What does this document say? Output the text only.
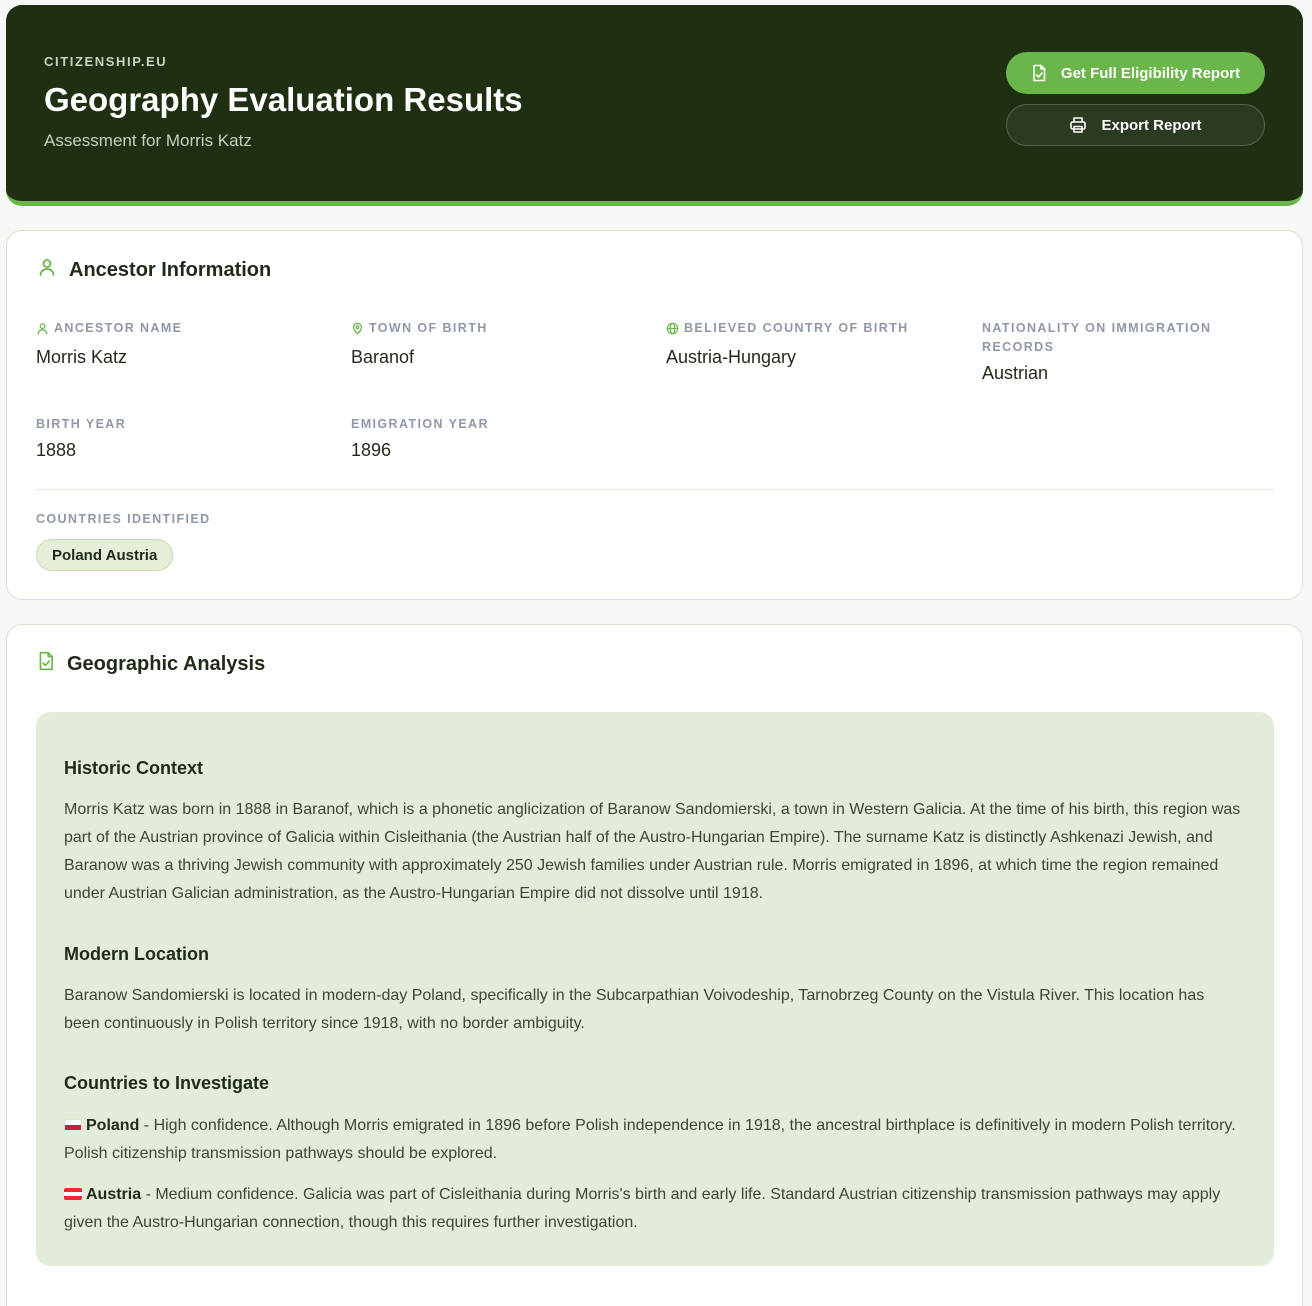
CITIZENSHIP.EU
Geography Evaluation Results
Assessment for Morris Katz
Get Full Eligibility Report
Export Report
Ancestor Information
ANCESTOR NAME
Morris Katz
TOWN OF BIRTH
Baranof
BELIEVED COUNTRY OF BIRTH
Austria-Hungary
NATIONALITY ON IMMIGRATION RECORDS
Austrian
BIRTH YEAR
1888
EMIGRATION YEAR
1896
COUNTRIES IDENTIFIED
Poland Austria
Geographic Analysis
Historic Context

Morris Katz was born in 1888 in Baranof, which is a phonetic anglicization of Baranow Sandomierski, a town in Western Galicia. At the time of his birth, this region was part of the Austrian province of Galicia within Cisleithania (the Austrian half of the Austro-Hungarian Empire). The surname Katz is distinctly Ashkenazi Jewish, and Baranow was a thriving Jewish community with approximately 250 Jewish families under Austrian rule. Morris emigrated in 1896, at which time the region remained under Austrian Galician administration, as the Austro-Hungarian Empire did not dissolve until 1918.

Modern Location

Baranow Sandomierski is located in modern-day Poland, specifically in the Subcarpathian Voivodeship, Tarnobrzeg County on the Vistula River. This location has been continuously in Polish territory since 1918, with no border ambiguity.

Countries to Investigate

Poland - High confidence. Although Morris emigrated in 1896 before Polish independence in 1918, the ancestral birthplace is definitively in modern Polish territory. Polish citizenship transmission pathways should be explored.

Austria - Medium confidence. Galicia was part of Cisleithania during Morris's birth and early life. Standard Austrian citizenship transmission pathways may apply given the Austro-Hungarian connection, though this requires further investigation.
